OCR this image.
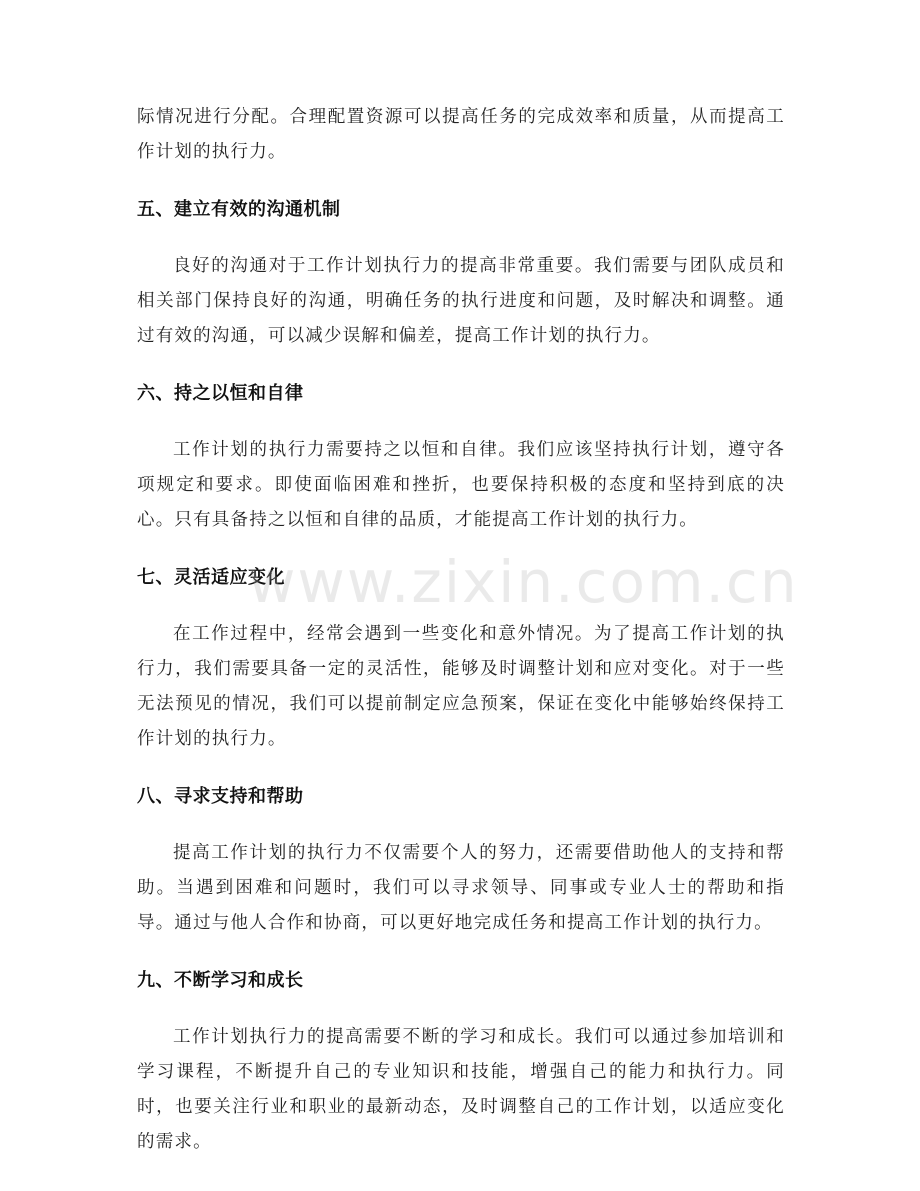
际情况进行分配。合理配置资源可以提高任务的完成效率和质量，从而提高工作计划的执行力。

五、建立有效的沟通机制

良好的沟通对于工作计划执行力的提高非常重要。我们需要与团队成员和相关部门保持良好的沟通，明确任务的执行进度和问题，及时解决和调整。通过有效的沟通，可以减少误解和偏差，提高工作计划的执行力。

六、持之以恒和自律

工作计划的执行力需要持之以恒和自律。我们应该坚持执行计划，遵守各项规定和要求。即使面临困难和挫折，也要保持积极的态度和坚持到底的决心。只有具备持之以恒和自律的品质，才能提高工作计划的执行力。

七、灵活适应变化

在工作过程中，经常会遇到一些变化和意外情况。为了提高工作计划的执行力，我们需要具备一定的灵活性，能够及时调整计划和应对变化。对于一些无法预见的情况，我们可以提前制定应急预案，保证在变化中能够始终保持工作计划的执行力。

八、寻求支持和帮助

提高工作计划的执行力不仅需要个人的努力，还需要借助他人的支持和帮助。当遇到困难和问题时，我们可以寻求领导、同事或专业人士的帮助和指导。通过与他人合作和协商，可以更好地完成任务和提高工作计划的执行力。

九、不断学习和成长

工作计划执行力的提高需要不断的学习和成长。我们可以通过参加培训和学习课程，不断提升自己的专业知识和技能，增强自己的能力和执行力。同时，也要关注行业和职业的最新动态，及时调整自己的工作计划，以适应变化的需求。

www.zixin.com.cn
